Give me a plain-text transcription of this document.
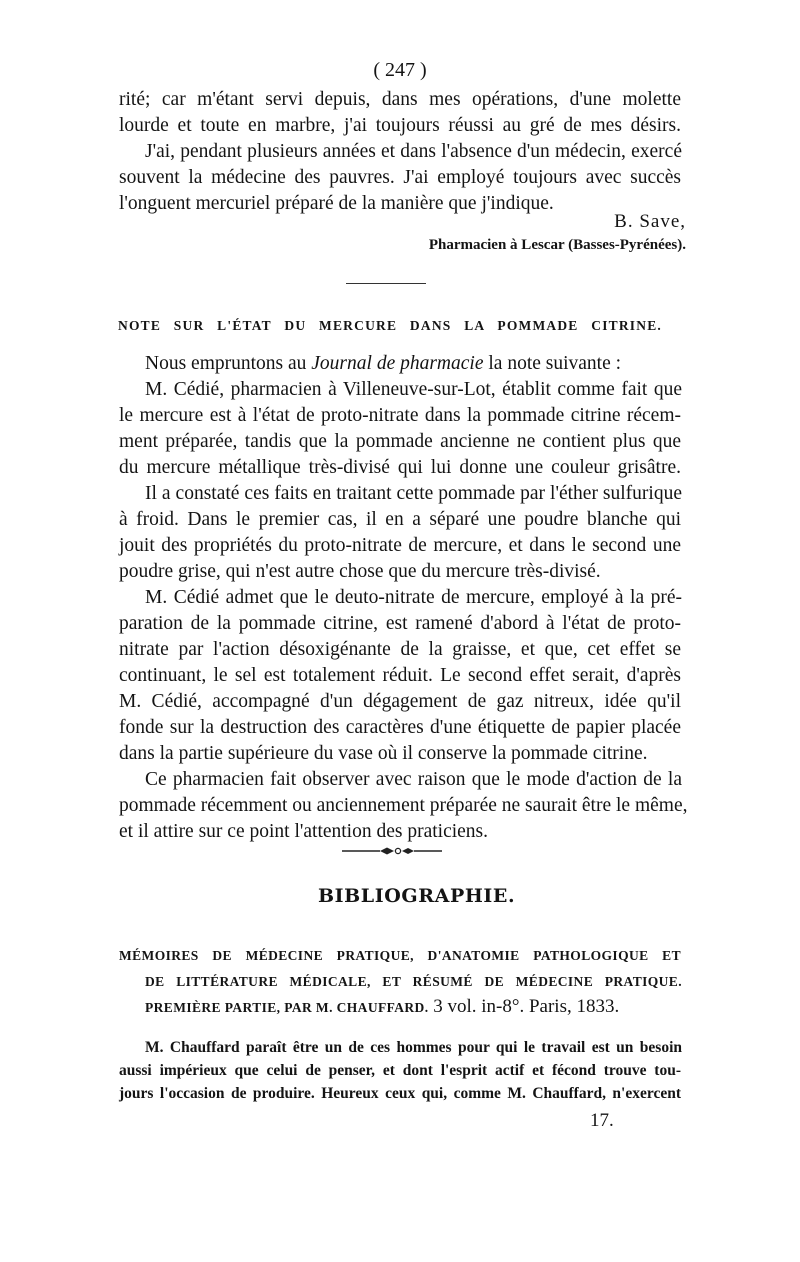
( 247 )
rité; car m'étant servi depuis, dans mes opérations, d'une molette
lourde et toute en marbre, j'ai toujours réussi au gré de mes désirs.
J'ai, pendant plusieurs années et dans l'absence d'un médecin, exercé
souvent la médecine des pauvres. J'ai employé toujours avec succès
l'onguent mercuriel préparé de la manière que j'indique.
B. Save,
Pharmacien à Lescar (Basses-Pyrénées).
NOTE SUR L'ÉTAT DU MERCURE DANS LA POMMADE CITRINE.
Nous empruntons au Journal de pharmacie la note suivante :
M. Cédié, pharmacien à Villeneuve-sur-Lot, établit comme fait que
le mercure est à l'état de proto-nitrate dans la pommade citrine récem-
ment préparée, tandis que la pommade ancienne ne contient plus que
du mercure métallique très-divisé qui lui donne une couleur grisâtre.
Il a constaté ces faits en traitant cette pommade par l'éther sulfurique
à froid. Dans le premier cas, il en a séparé une poudre blanche qui
jouit des propriétés du proto-nitrate de mercure, et dans le second une
poudre grise, qui n'est autre chose que du mercure très-divisé.
M. Cédié admet que le deuto-nitrate de mercure, employé à la pré-
paration de la pommade citrine, est ramené d'abord à l'état de proto-
nitrate par l'action désoxigénante de la graisse, et que, cet effet se
continuant, le sel est totalement réduit. Le second effet serait, d'après
M. Cédié, accompagné d'un dégagement de gaz nitreux, idée qu'il
fonde sur la destruction des caractères d'une étiquette de papier placée
dans la partie supérieure du vase où il conserve la pommade citrine.
Ce pharmacien fait observer avec raison que le mode d'action de la
pommade récemment ou anciennement préparée ne saurait être le même,
et il attire sur ce point l'attention des praticiens.
BIBLIOGRAPHIE.
MÉMOIRES DE MÉDECINE PRATIQUE, D'ANATOMIE PATHOLOGIQUE ET
DE LITTÉRATURE MÉDICALE, ET RÉSUMÉ DE MÉDECINE PRATIQUE.
PREMIÈRE PARTIE, PAR M. CHAUFFARD. 3 vol. in-8°. Paris, 1833.
M. Chauffard paraît être un de ces hommes pour qui le travail est un besoin
aussi impérieux que celui de penser, et dont l'esprit actif et fécond trouve tou-
jours l'occasion de produire. Heureux ceux qui, comme M. Chauffard, n'exercent
17.
